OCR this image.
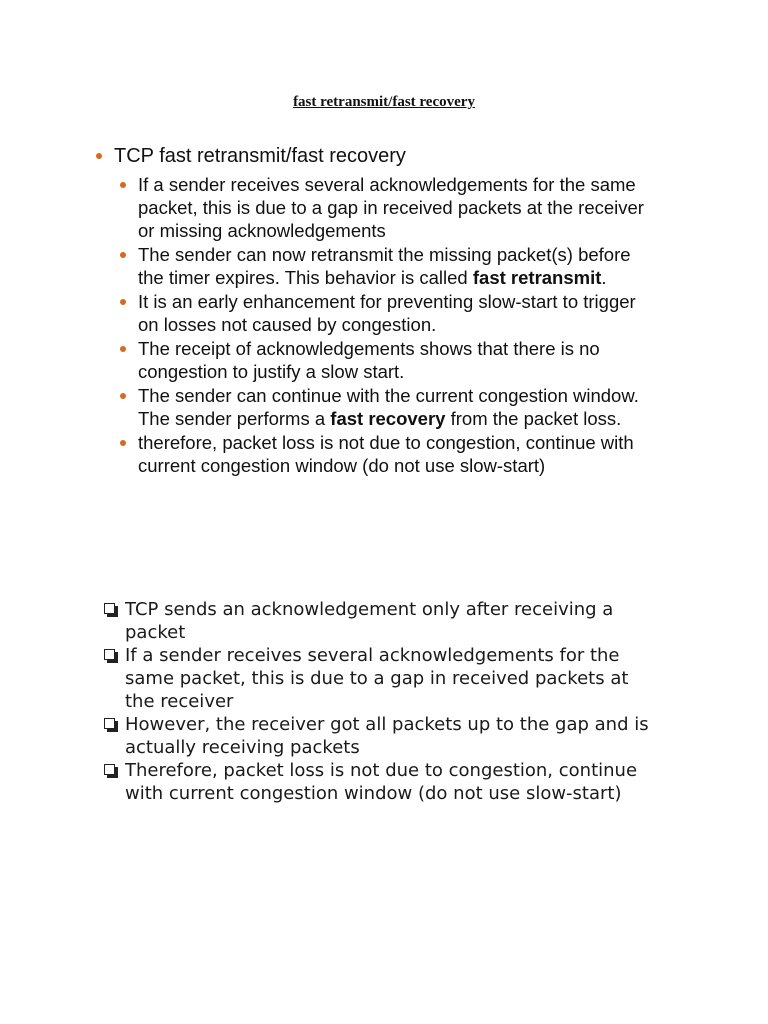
fast retransmit/fast recovery
TCP fast retransmit/fast recovery
If a sender receives several acknowledgements for the same packet, this is due to a gap in received packets at the receiver or missing acknowledgements
The sender can now retransmit the missing packet(s) before the timer expires. This behavior is called fast retransmit.
It is an early enhancement for preventing slow-start to trigger on losses not caused by congestion.
The receipt of acknowledgements shows that there is no congestion to justify a slow start.
The sender can continue with the current congestion window. The sender performs a fast recovery from the packet loss.
therefore, packet loss is not due to congestion, continue with current congestion window (do not use slow-start)
TCP sends an acknowledgement only after receiving a packet
If a sender receives several acknowledgements for the same packet, this is due to a gap in received packets at the receiver
However, the receiver got all packets up to the gap and is actually receiving packets
Therefore, packet loss is not due to congestion, continue with current congestion window (do not use slow-start)
